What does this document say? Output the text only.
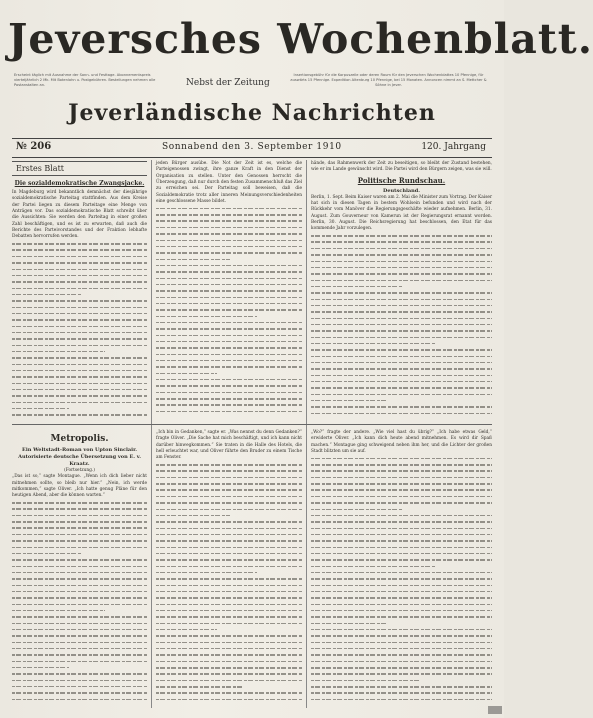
Jeversches Wochenblatt.
Erscheint täglich mit Ausnahme der Sonn- und Festtage. Abonnementspreis vierteljährlich 2 Mk. Mit Botenlohn u. Postgebühren. Bestellungen nehmen alle Postanstalten an.	Nebst der Zeitung
Insertionsgebühr für die Korpuszeile oder deren Raum für den Jeverschen Wochenblattes 10 Pfennige, für auswärts 15 Pfennige. Expedition Altenburg 10 Pfennige, bei 15 Monaten. Annoncen nimmt an S. Mettcher & Söhne in Jever.
Jeverländische Nachrichten
№ 206	Sonnabend den 3. September 1910	120. Jahrgang
Erstes Blatt
Die sozialdemokratische Zwangsjacke.

In Magdeburg wird bekanntlich demnächst der diesjährige sozialdemokratische Parteitag stattfinden. Aus dem Kreise der Partei liegen zu diesem Parteitage eine Menge von Anträgen vor. Das sozialdemokratische Blatt schreibt über die Aussichten: Sie werden den Parteitag in einer großen Zahl beschäftigen, und es ist zu erwarten, daß auch die Berichte des Parteivorstandes und der Fraktion lebhafte Debatten hervorrufen werden.

Metropolis.
Ein Weltstadt-Roman von Upton Sinclair.
Autorisierte deutsche Übersetzung von E. v. Kraatz.
(Fortsetzung.)

„Das ist so,“ sagte Montague. „Wenn ich dich lieber nicht mitnehmen sollte, so bleib nur hier.“ „Nein, ich werde mitkommen,“ sagte Oliver. „Ich hatte genug Pläne für den heutigen Abend, aber die können warten.“

jeden Bürger ausübe. Die Not der Zeit ist es, welche die Parteigenossen zwingt, ihre ganze Kraft in den Dienst der Organisation zu stellen. Unter den Genossen herrscht die Überzeugung, daß nur durch den festen Zusammenschluß das Ziel zu erreichen sei. Der Parteitag soll beweisen, daß die Sozialdemokratie trotz aller inneren Meinungsverschiedenheiten eine geschlossene Masse bildet.

„Ich bin in Gedanken,“ sagte er. „Was nennst du denn Gedanken?“ fragte Oliver. „Die Sache hat mich beschäftigt, und ich kann nicht darüber hinwegkommen.“ Sie traten in die Halle des Hotels, die hell erleuchtet war, und Oliver führte den Bruder zu einem Tische am Fenster.

hände, das Rahmenwerk der Zeit zu beseitigen, so bleibt der Zustand bestehen, wie er im Lande gewünscht wird. Die Partei wird den Bürgern zeigen, was sie will.

Politische Rundschau.
Deutschland.

Berlin, 1. Sept. Beim Kaiser waren am 2. Mai die Minister zum Vortrag. Der Kaiser hat sich in diesen Tagen in bestem Wohlsein befunden und wird nach der Rückkehr vom Manöver die Regierungsgeschäfte wieder aufnehmen. Berlin, 31. August. Zum Gouverneur von Kamerun ist der Regierungsrat ernannt worden. Berlin, 30. August. Die Reichsregierung hat beschlossen, den Etat für das kommende Jahr vorzulegen.

„Wo?“ fragte der andere. „Wie viel hast du übrig?“ „Ich habe etwas Geld,“ erwiderte Oliver. „Ich kann dich heute abend mitnehmen. Es wird dir Spaß machen.“ Montague ging schweigend neben ihm her, und die Lichter der großen Stadt blitzten um sie auf.
